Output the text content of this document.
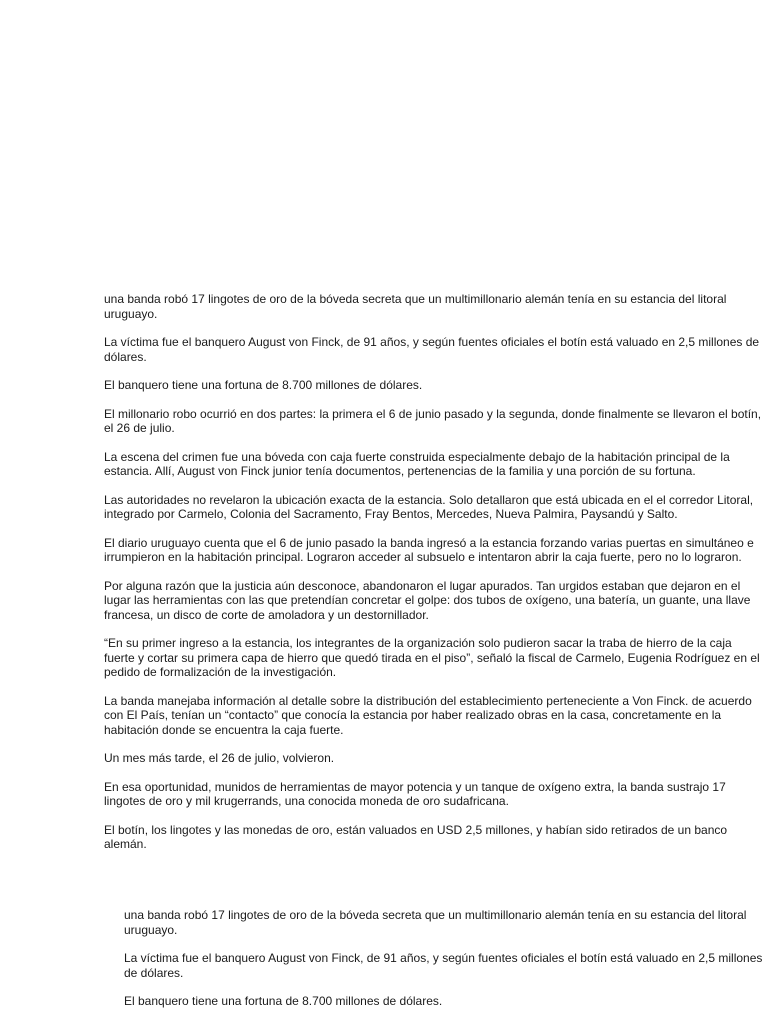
una banda robó 17 lingotes de oro de la bóveda secreta que un multimillonario alemán tenía en su estancia del litoral uruguayo.

La víctima fue el banquero August von Finck, de 91 años, y según fuentes oficiales el botín está valuado en 2,5 millones de dólares.

El banquero tiene una fortuna de 8.700 millones de dólares.

El millonario robo ocurrió en dos partes: la primera el 6 de junio pasado y la segunda, donde finalmente se llevaron el botín, el 26 de julio.

La escena del crimen fue una bóveda con caja fuerte construida especialmente debajo de la habitación principal de la estancia. Allí, August von Finck junior tenía documentos, pertenencias de la familia y una porción de su fortuna.

Las autoridades no revelaron la ubicación exacta de la estancia. Solo detallaron que está ubicada en el el corredor Litoral, integrado por Carmelo, Colonia del Sacramento, Fray Bentos, Mercedes, Nueva Palmira, Paysandú y Salto.

El diario uruguayo cuenta que el 6 de junio pasado la banda ingresó a la estancia forzando varias puertas en simultáneo e irrumpieron en la habitación principal. Lograron acceder al subsuelo e intentaron abrir la caja fuerte, pero no lo lograron.

Por alguna razón que la justicia aún desconoce, abandonaron el lugar apurados. Tan urgidos estaban que dejaron en el lugar las herramientas con las que pretendían concretar el golpe: dos tubos de oxígeno, una batería, un guante, una llave francesa, un disco de corte de amoladora y un destornillador.

“En su primer ingreso a la estancia, los integrantes de la organización solo pudieron sacar la traba de hierro de la caja fuerte y cortar su primera capa de hierro que quedó tirada en el piso”, señaló la fiscal de Carmelo, Eugenia Rodríguez en el pedido de formalización de la investigación.

La banda manejaba información al detalle sobre la distribución del establecimiento perteneciente a Von Finck. de acuerdo con El País, tenían un “contacto” que conocía la estancia por haber realizado obras en la casa, concretamente en la habitación donde se encuentra la caja fuerte.

Un mes más tarde, el 26 de julio, volvieron.

En esa oportunidad, munidos de herramientas de mayor potencia y un tanque de oxígeno extra, la banda sustrajo 17 lingotes de oro y mil krugerrands, una conocida moneda de oro sudafricana.

El botín, los lingotes y las monedas de oro, están valuados en USD 2,5 millones, y habían sido retirados de un banco alemán.

una banda robó 17 lingotes de oro de la bóveda secreta que un multimillonario alemán tenía en su estancia del litoral uruguayo.

La víctima fue el banquero August von Finck, de 91 años, y según fuentes oficiales el botín está valuado en 2,5 millones de dólares.

El banquero tiene una fortuna de 8.700 millones de dólares.
